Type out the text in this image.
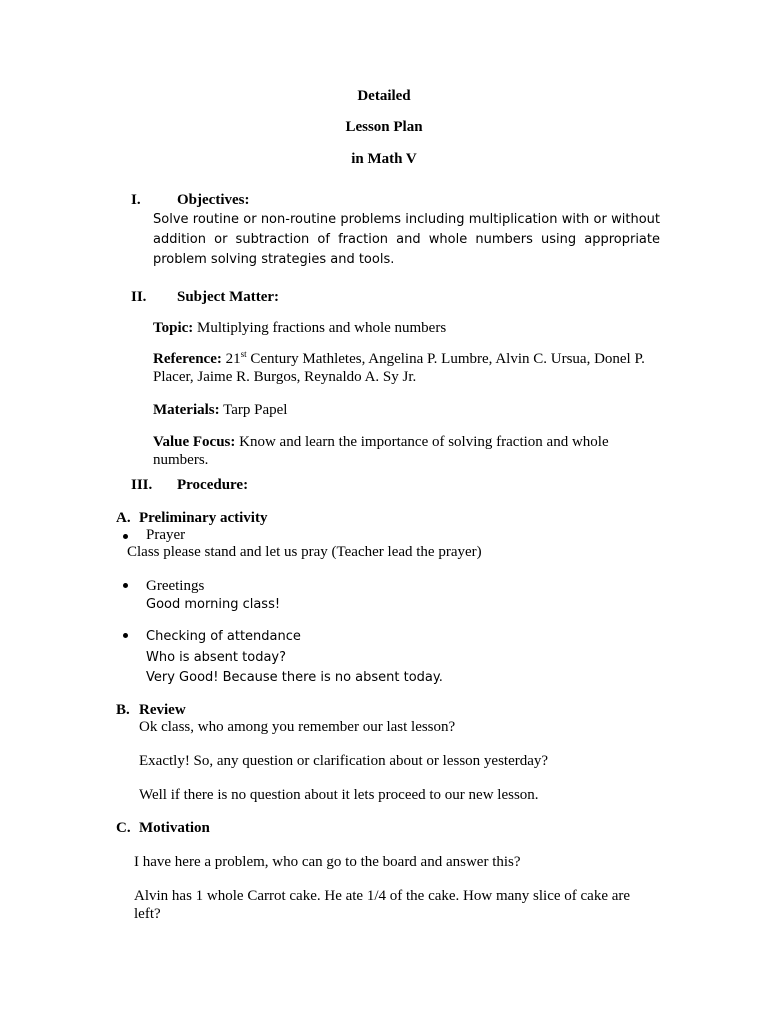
Detailed
Lesson Plan
in Math V
I. Objectives:
Solve routine or non-routine problems including multiplication with or without addition or subtraction of fraction and whole numbers using appropriate problem solving strategies and tools.
II. Subject Matter:
Topic: Multiplying fractions and whole numbers
Reference: 21st Century Mathletes, Angelina P. Lumbre, Alvin C. Ursua, Donel P. Placer, Jaime R. Burgos, Reynaldo A. Sy Jr.
Materials: Tarp Papel
Value Focus: Know and learn the importance of solving fraction and whole numbers.
III. Procedure:
A. Preliminary activity
Prayer
Class please stand and let us pray (Teacher lead the prayer)
Greetings
Good morning class!
Checking of attendance
Who is absent today?
Very Good! Because there is no absent today.
B. Review
Ok class, who among you remember our last lesson?
Exactly! So, any question or clarification about or lesson yesterday?
Well if there is no question about it lets proceed to our new lesson.
C. Motivation
I have here a problem, who can go to the board and answer this?
Alvin has 1 whole Carrot cake. He ate 1/4 of the cake. How many slice of cake are left?
